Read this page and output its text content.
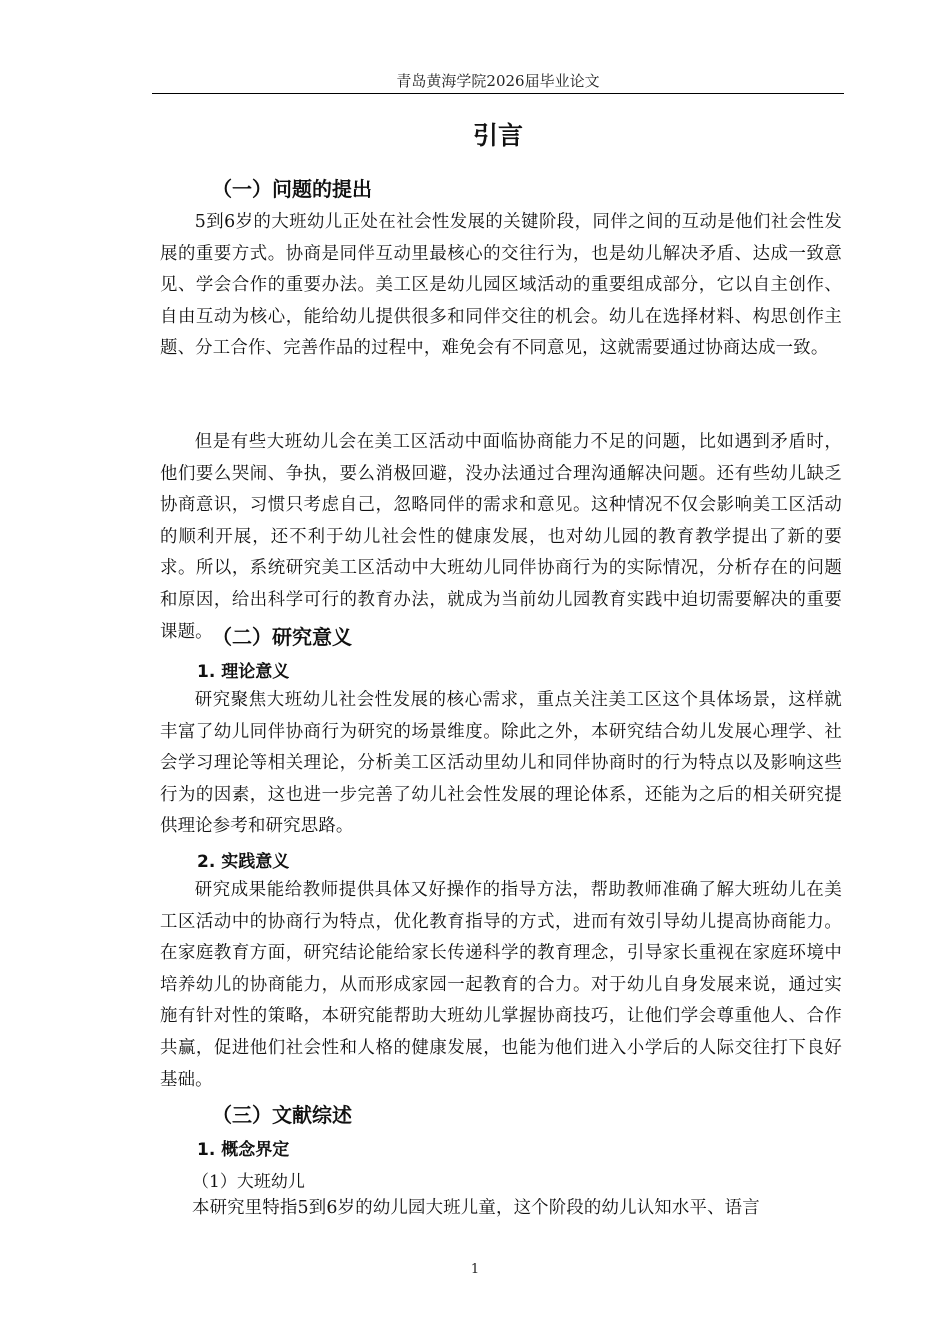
青岛黄海学院2026届毕业论文
引言
（一）问题的提出

5到6岁的大班幼儿正处在社会性发展的关键阶段，同伴之间的互动是他们社会性发展的重要方式。协商是同伴互动里最核心的交往行为，也是幼儿解决矛盾、达成一致意见、学会合作的重要办法。美工区是幼儿园区域活动的重要组成部分，它以自主创作、自由互动为核心，能给幼儿提供很多和同伴交往的机会。幼儿在选择材料、构思创作主题、分工合作、完善作品的过程中，难免会有不同意见，这就需要通过协商达成一致。

但是有些大班幼儿会在美工区活动中面临协商能力不足的问题，比如遇到矛盾时，他们要么哭闹、争执，要么消极回避，没办法通过合理沟通解决问题。还有些幼儿缺乏协商意识，习惯只考虑自己，忽略同伴的需求和意见。这种情况不仅会影响美工区活动的顺利开展，还不利于幼儿社会性的健康发展，也对幼儿园的教育教学提出了新的要求。所以，系统研究美工区活动中大班幼儿同伴协商行为的实际情况，分析存在的问题和原因，给出科学可行的教育办法，就成为当前幼儿园教育实践中迫切需要解决的重要课题。 （二）研究意义
1. 理论意义

研究聚焦大班幼儿社会性发展的核心需求，重点关注美工区这个具体场景，这样就丰富了幼儿同伴协商行为研究的场景维度。除此之外，本研究结合幼儿发展心理学、社会学习理论等相关理论，分析美工区活动里幼儿和同伴协商时的行为特点以及影响这些行为的因素，这也进一步完善了幼儿社会性发展的理论体系，还能为之后的相关研究提供理论参考和研究思路。

2. 实践意义

研究成果能给教师提供具体又好操作的指导方法，帮助教师准确了解大班幼儿在美工区活动中的协商行为特点，优化教育指导的方式，进而有效引导幼儿提高协商能力。在家庭教育方面，研究结论能给家长传递科学的教育理念，引导家长重视在家庭环境中培养幼儿的协商能力，从而形成家园一起教育的合力。对于幼儿自身发展来说，通过实施有针对性的策略，本研究能帮助大班幼儿掌握协商技巧，让他们学会尊重他人、合作共赢，促进他们社会性和人格的健康发展，也能为他们进入小学后的人际交往打下良好基础。

（三）文献综述
1. 概念界定
（1）大班幼儿

本研究里特指5到6岁的幼儿园大班儿童，这个阶段的幼儿认知水平、语言

1
